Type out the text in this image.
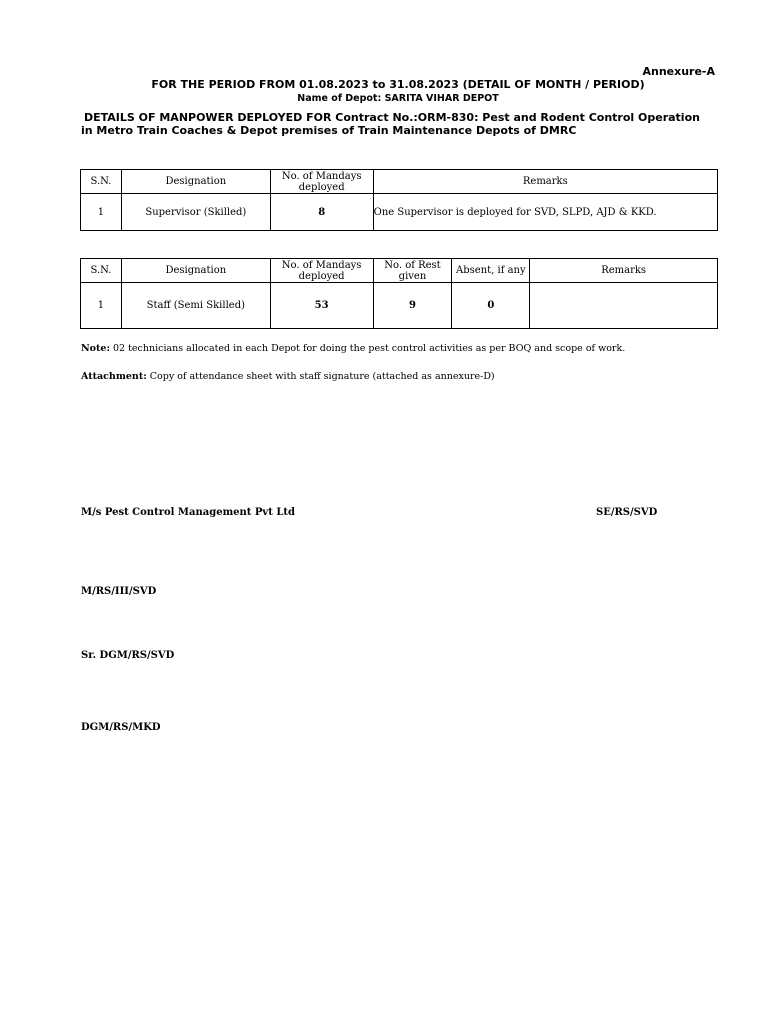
Annexure-A
FOR THE PERIOD FROM 01.08.2023 to 31.08.2023 (DETAIL OF MONTH / PERIOD)
Name of Depot: SARITA VIHAR DEPOT
DETAILS OF MANPOWER DEPLOYED FOR Contract No.:ORM-830: Pest and Rodent Control Operation
in Metro Train Coaches & Depot premises of Train Maintenance Depots of DMRC
S.N.	Designation	No. of Mandays deployed	Remarks
1	Supervisor (Skilled)	8	One Supervisor is deployed for SVD, SLPD, AJD & KKD.
S.N.	Designation	No. of Mandays deployed	No. of Rest given	Absent, if any	Remarks
1	Staff (Semi Skilled)	53	9	0	
Note: 02 technicians allocated in each Depot for doing the pest control activities as per BOQ and scope of work.
Attachment: Copy of attendance sheet with staff signature (attached as annexure-D)
M/s Pest Control Management Pvt Ltd	SE/RS/SVD
M/RS/III/SVD
Sr. DGM/RS/SVD
DGM/RS/MKD
